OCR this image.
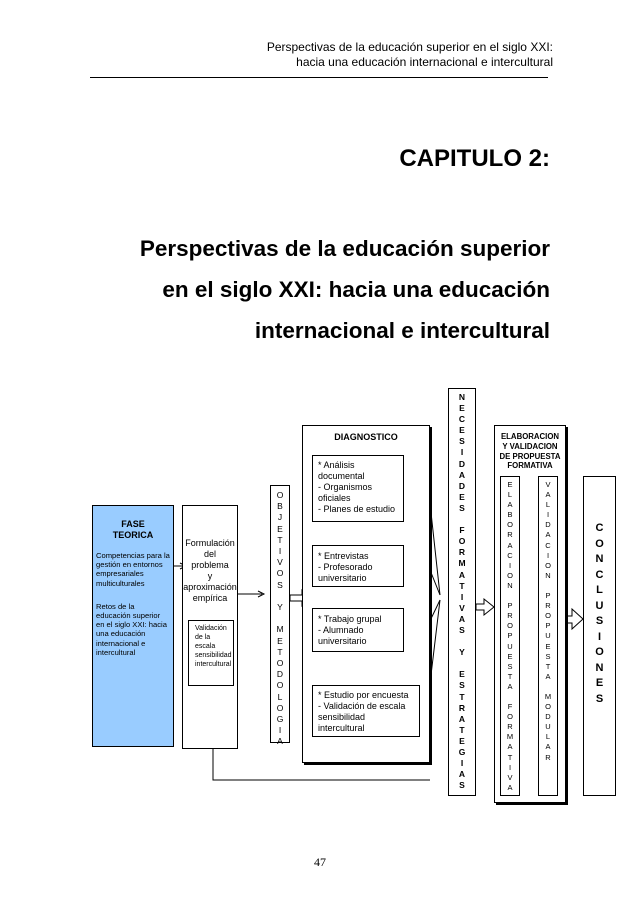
Perspectivas de la educación superior en el siglo XXI:
hacia una educación internacional e intercultural
CAPITULO 2:
Perspectivas de la educación superior
en el siglo XXI: hacia una educación
internacional e intercultural
FASE
TEORICA
Competencias para la gestión en entornos empresariales multiculturales
Retos de la educación superior en el siglo XXI: hacia una educación internacional e intercultural
Formulación
del
problema
y
aproximación
empírica
Validación
de la
escala
sensibilidad
intercultural
O
B
J
E
T
I
V
O
S

Y

M
E
T
O
D
O
L
O
G
I
A
DIAGNOSTICO
* Análisis
documental
- Organismos
oficiales
- Planes de estudio
* Entrevistas
- Profesorado
universitario
* Trabajo grupal
- Alumnado
universitario
* Estudio por encuesta
- Validación de escala
sensibilidad
intercultural
N
E
C
E
S
I
D
A
D
E
S

F
O
R
M
A
T
I
V
A
S

Y

E
S
T
R
A
T
E
G
I
A
S
ELABORACION
Y VALIDACION
DE PROPUESTA
FORMATIVA
E
L
A
B
O
R
A
C
I
O
N

P
R
O
P
U
E
S
T
A

F
O
R
M
A
T
I
V
A
V
A
L
I
D
A
C
I
O
N

P
R
O
P
U
E
S
T
A

M
O
D
U
L
A
R
C
O
N
C
L
U
S
I
O
N
E
S
47
